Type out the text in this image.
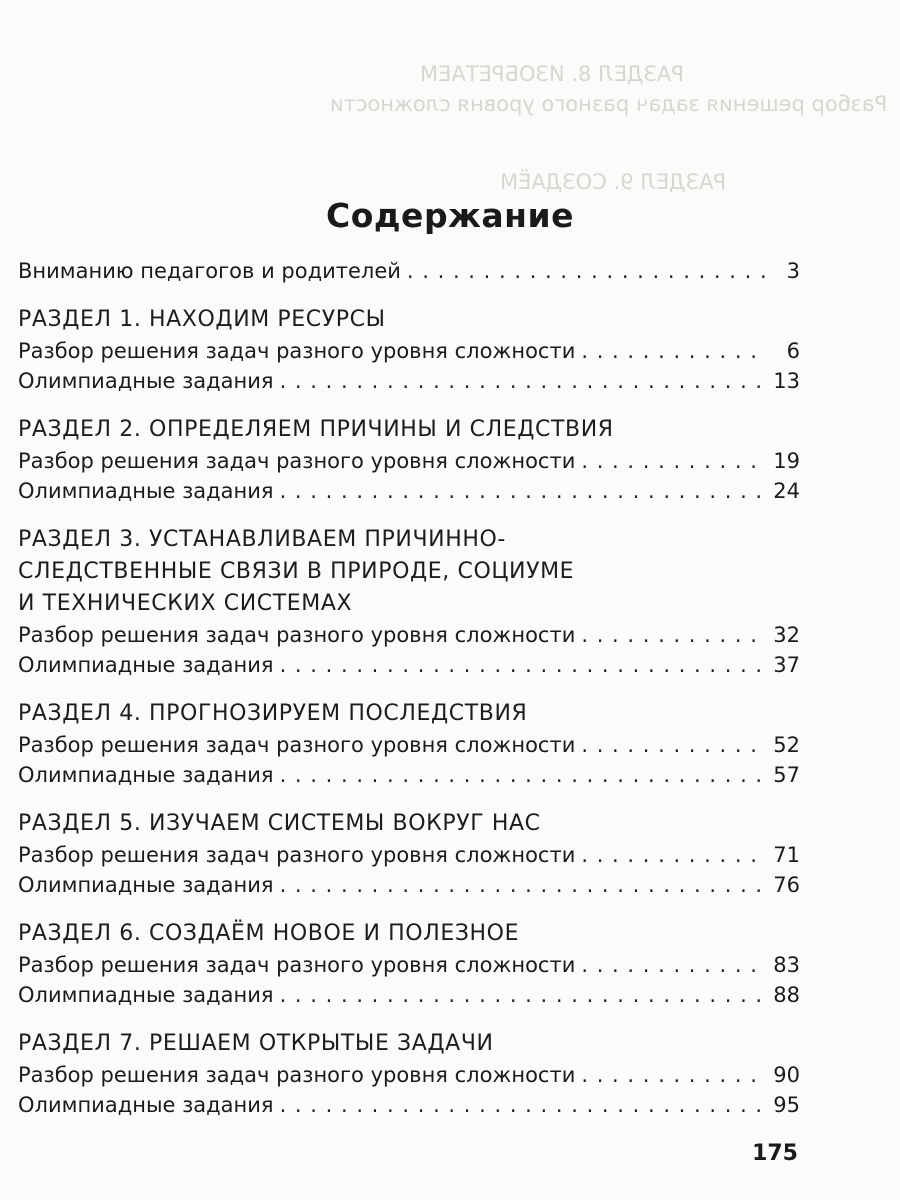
РАЗДЕЛ 8. ИЗОБРЕТАЕМ
Разбор решения задач разного уровня сложности
РАЗДЕЛ 9. СОЗДАЁМ
Содержание
Вниманию педагогов и родителей . . .	3
РАЗДЕЛ 1. НАХОДИМ РЕСУРСЫ
Разбор решения задач разного уровня сложности . . .	6
Олимпиадные задания . . .	13
РАЗДЕЛ 2. ОПРЕДЕЛЯЕМ ПРИЧИНЫ И СЛЕДСТВИЯ
Разбор решения задач разного уровня сложности . . .	19
Олимпиадные задания . . .	24
РАЗДЕЛ 3. УСТАНАВЛИВАЕМ ПРИЧИННО-
СЛЕДСТВЕННЫЕ СВЯЗИ В ПРИРОДЕ, СОЦИУМЕ
И ТЕХНИЧЕСКИХ СИСТЕМАХ
Разбор решения задач разного уровня сложности . . .	32
Олимпиадные задания . . .	37
РАЗДЕЛ 4. ПРОГНОЗИРУЕМ ПОСЛЕДСТВИЯ
Разбор решения задач разного уровня сложности . . .	52
Олимпиадные задания . . .	57
РАЗДЕЛ 5. ИЗУЧАЕМ СИСТЕМЫ ВОКРУГ НАС
Разбор решения задач разного уровня сложности . . .	71
Олимпиадные задания . . .	76
РАЗДЕЛ 6. СОЗДАЁМ НОВОЕ И ПОЛЕЗНОЕ
Разбор решения задач разного уровня сложности . . .	83
Олимпиадные задания . . .	88
РАЗДЕЛ 7. РЕШАЕМ ОТКРЫТЫЕ ЗАДАЧИ
Разбор решения задач разного уровня сложности . . .	90
Олимпиадные задания . . .	95
175
